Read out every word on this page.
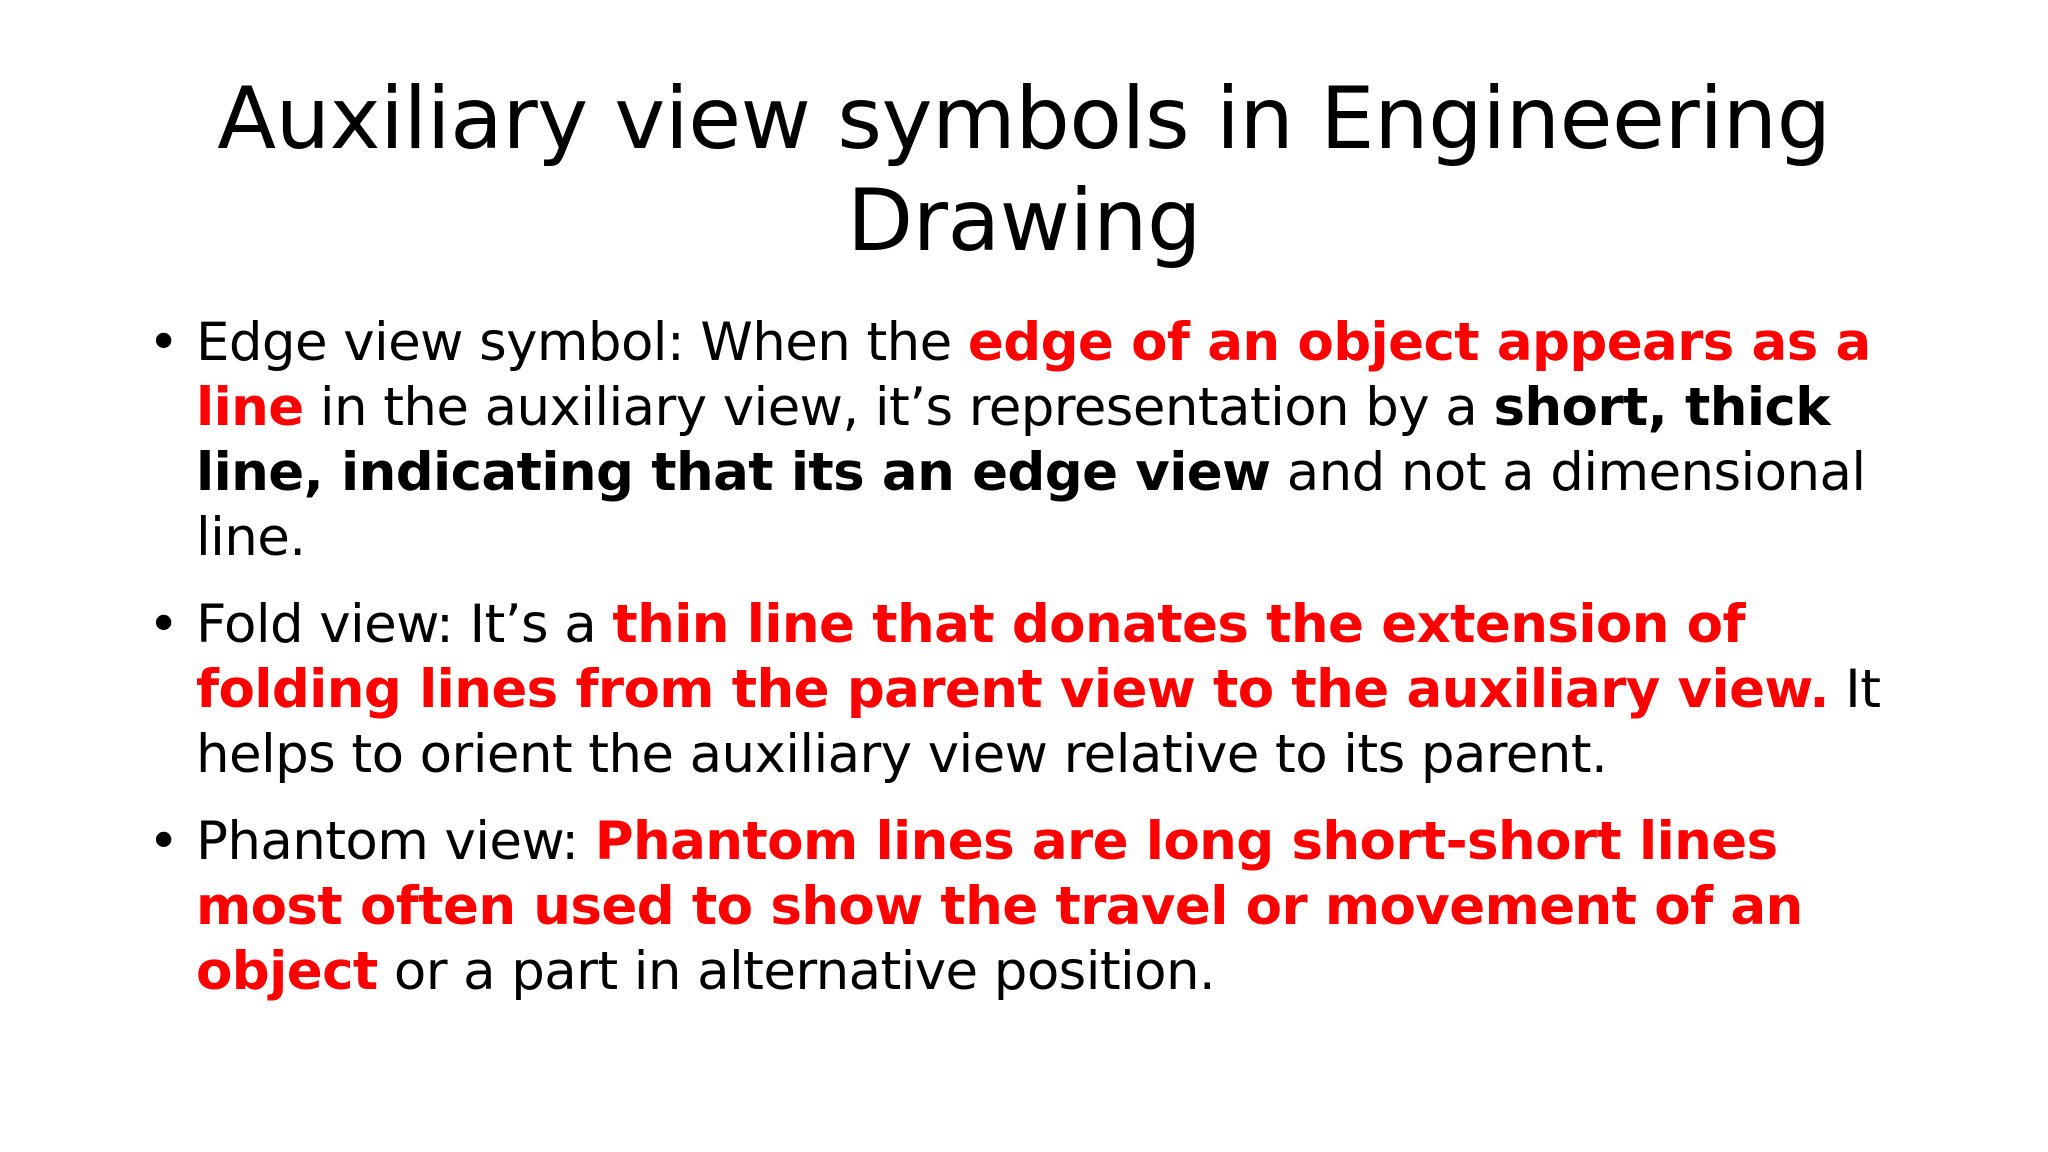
Auxiliary view symbols in Engineering
Drawing
• Edge view symbol: When the edge of an object appears as a line in the auxiliary view, it’s representation by a short, thick line, indicating that its an edge view and not a dimensional line.
• Fold view: It’s a thin line that donates the extension of folding lines from the parent view to the auxiliary view. It helps to orient the auxiliary view relative to its parent.
• Phantom view: Phantom lines are long short-short lines most often used to show the travel or movement of an object or a part in alternative position.
